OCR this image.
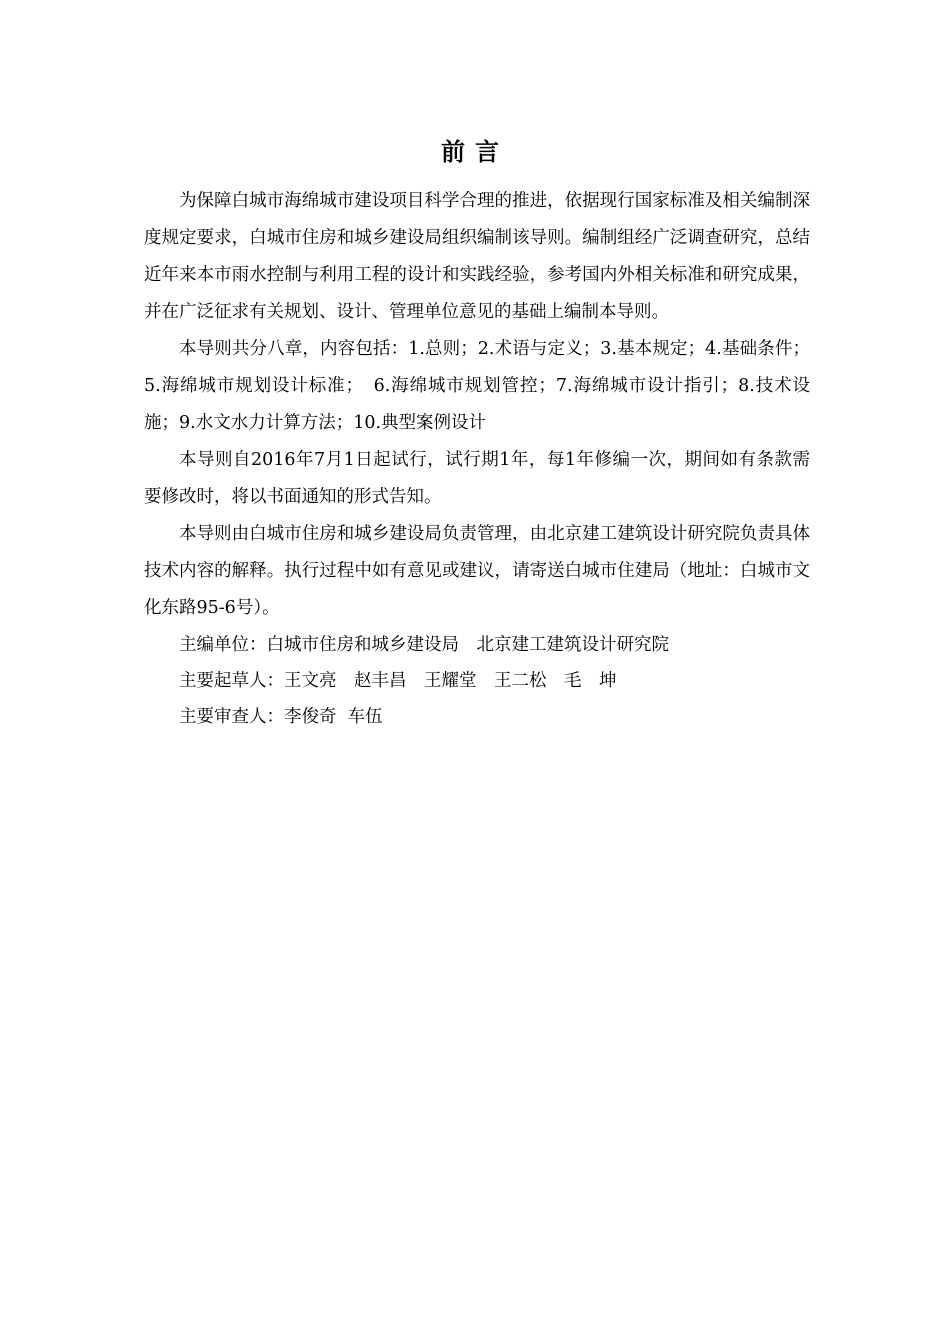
前言

为保障白城市海绵城市建设项目科学合理的推进，依据现行国家标准及相关编制深度规定要求，白城市住房和城乡建设局组织编制该导则。编制组经广泛调查研究，总结近年来本市雨水控制与利用工程的设计和实践经验，参考国内外相关标准和研究成果，并在广泛征求有关规划、设计、管理单位意见的基础上编制本导则。

本导则共分八章，内容包括：1.总则；2.术语与定义；3.基本规定；4.基础条件；5.海绵城市规划设计标准；　6.海绵城市规划管控；7.海绵城市设计指引；8.技术设施；9.水文水力计算方法；10.典型案例设计

本导则自2016年7月1日起试行，试行期1年，每1年修编一次，期间如有条款需要修改时，将以书面通知的形式告知。

本导则由白城市住房和城乡建设局负责管理，由北京建工建筑设计研究院负责具体技术内容的解释。执行过程中如有意见或建议，请寄送白城市住建局（地址：白城市文化东路95-6号）。

主编单位：白城市住房和城乡建设局　北京建工建筑设计研究院

主要起草人：王文亮　赵丰昌　王耀堂　王二松　毛　坤

主要审查人：李俊奇  车伍
